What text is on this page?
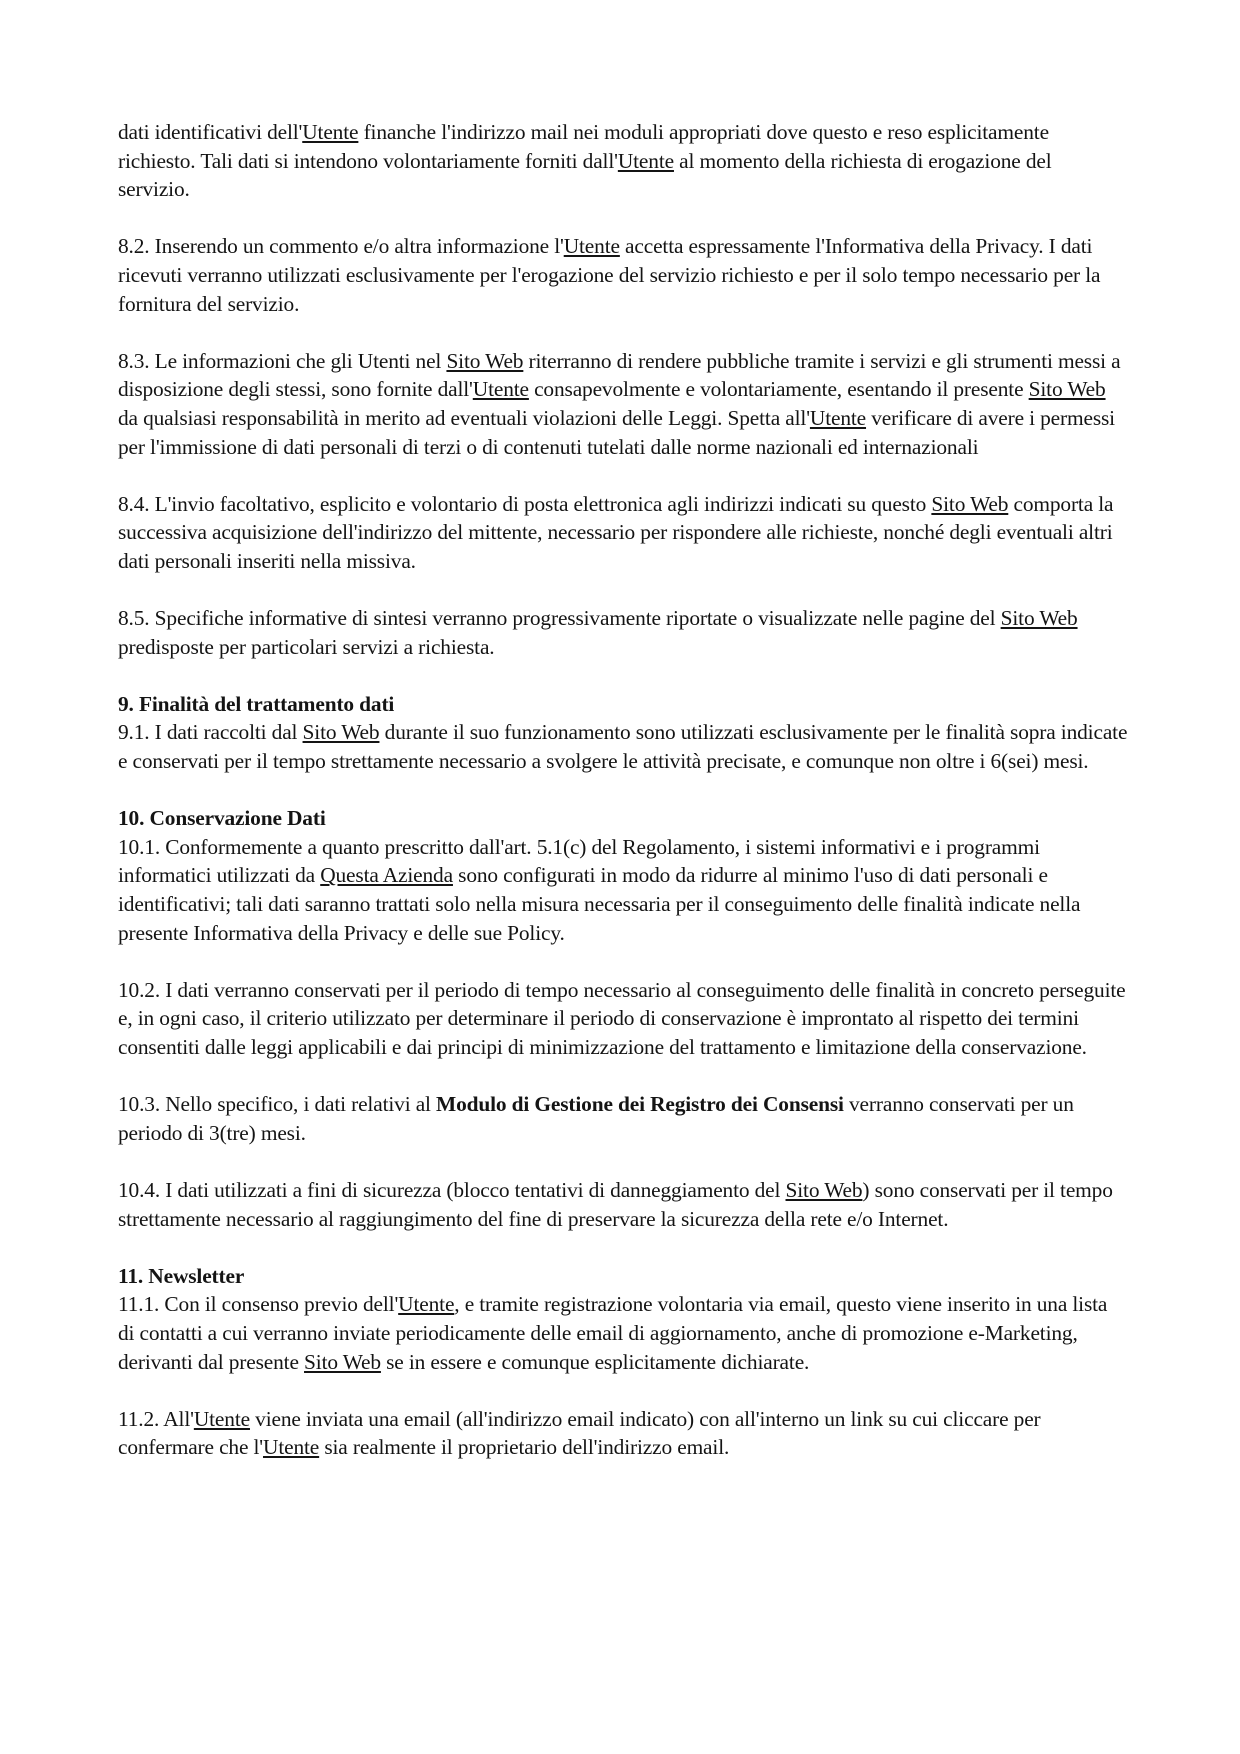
dati identificativi dell'Utente financhе l'indirizzo mail nei moduli appropriati dove questo e reso esplicitamente richiesto. Tali dati si intendono volontariamente forniti dall'Utente al momento della richiesta di erogazione del servizio.
8.2. Inserendo un commento e/o altra informazione l'Utente accetta espressamente l'Informativa della Privacy. I dati ricevuti verranno utilizzati esclusivamente per l'erogazione del servizio richiesto e per il solo tempo necessario per la fornitura del servizio.
8.3. Le informazioni che gli Utenti nel Sito Web riterranno di rendere pubbliche tramite i servizi e gli strumenti messi a disposizione degli stessi, sono fornite dall'Utente consapevolmente e volontariamente, esentando il presente Sito Web da qualsiasi responsabilità in merito ad eventuali violazioni delle Leggi. Spetta all'Utente verificare di avere i permessi per l'immissione di dati personali di terzi o di contenuti tutelati dalle norme nazionali ed internazionali
8.4. L'invio facoltativo, esplicito e volontario di posta elettronica agli indirizzi indicati su questo Sito Web comporta la successiva acquisizione dell'indirizzo del mittente, necessario per rispondere alle richieste, nonché degli eventuali altri dati personali inseriti nella missiva.
8.5. Specifiche informative di sintesi verranno progressivamente riportate o visualizzate nelle pagine del Sito Web predisposte per particolari servizi a richiesta.
9. Finalità del trattamento dati
9.1. I dati raccolti dal Sito Web durante il suo funzionamento sono utilizzati esclusivamente per le finalità sopra indicate e conservati per il tempo strettamente necessario a svolgere le attività precisate, e comunque non oltre i 6(sei) mesi.
10. Conservazione Dati
10.1. Conformemente a quanto prescritto dall'art. 5.1(c) del Regolamento, i sistemi informativi e i programmi informatici utilizzati da Questa Azienda sono configurati in modo da ridurre al minimo l'uso di dati personali e identificativi; tali dati saranno trattati solo nella misura necessaria per il conseguimento delle finalità indicate nella presente Informativa della Privacy e delle sue Policy.
10.2. I dati verranno conservati per il periodo di tempo necessario al conseguimento delle finalità in concreto perseguite e, in ogni caso, il criterio utilizzato per determinare il periodo di conservazione è improntato al rispetto dei termini consentiti dalle leggi applicabili e dai principi di minimizzazione del trattamento e limitazione della conservazione.
10.3. Nello specifico, i dati relativi al Modulo di Gestione dei Registro dei Consensi verranno conservati per un periodo di 3(tre) mesi.
10.4. I dati utilizzati a fini di sicurezza (blocco tentativi di danneggiamento del Sito Web) sono conservati per il tempo strettamente necessario al raggiungimento del fine di preservare la sicurezza della rete e/o Internet.
11. Newsletter
11.1. Con il consenso previo dell'Utente, e tramite registrazione volontaria via email, questo viene inserito in una lista di contatti a cui verranno inviate periodicamente delle email di aggiornamento, anche di promozione e-Marketing, derivanti dal presente Sito Web se in essere e comunque esplicitamente dichiarate.
11.2. All'Utente viene inviata una email (all'indirizzo email indicato) con all'interno un link su cui cliccare per confermare che l'Utente sia realmente il proprietario dell'indirizzo email.
